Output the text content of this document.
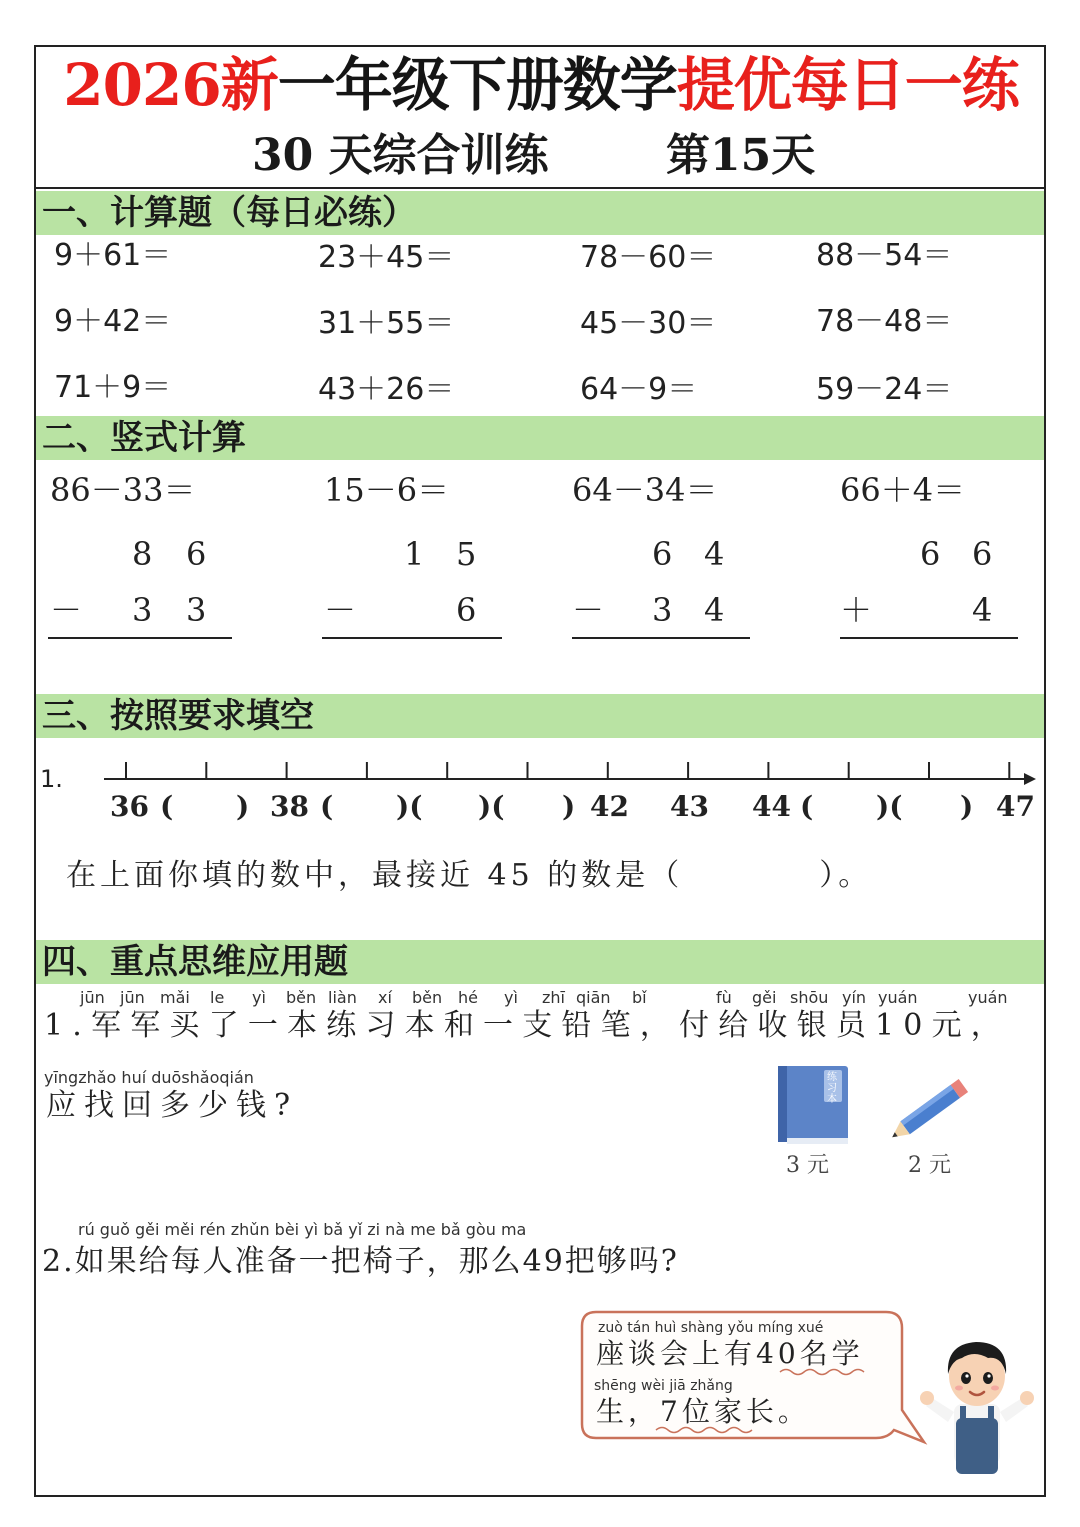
2026新一年级下册数学提优每日一练
30 天综合训练	第15天
一、计算题（每日必练）
9＋61＝	23＋45＝	78－60＝	88－54＝
9＋42＝	31＋55＝	45－30＝	78－48＝
71＋9＝	43＋26＝	64－9＝	59－24＝
二、竖式计算
86－33＝
8 6
－ 3 3
15－6＝
1 5
－	6
64－34＝
6 4
－ 3 4
66＋4＝
6 6
＋	4
三、按照要求填空
1.
36 ( ) 38 ( )( )( ) 42 43 44 ( )( ) 47
在上面你填的数中，最接近 45 的数是（　　　　）。
四、重点思维应用题
jūn jūn mǎi le yì běn liàn xí běn hé yì zhī qiān bǐ	fù gěi shōu yín yuán	yuán
1.军军买了一本练习本和一支铅笔，付给收银员10元，
yīngzhǎo huí duōshǎoqián
应找回多少钱?
练习本
3 元	2 元
rú guǒ gěi měi rén zhǔn bèi yì bǎ yǐ zi nà me bǎ gòu ma
2.如果给每人准备一把椅子，那么49把够吗?
zuò tán huì shàng yǒu míng xué
座谈会上有40名学
shēng wèi jiā zhǎng
生，7位家长。
